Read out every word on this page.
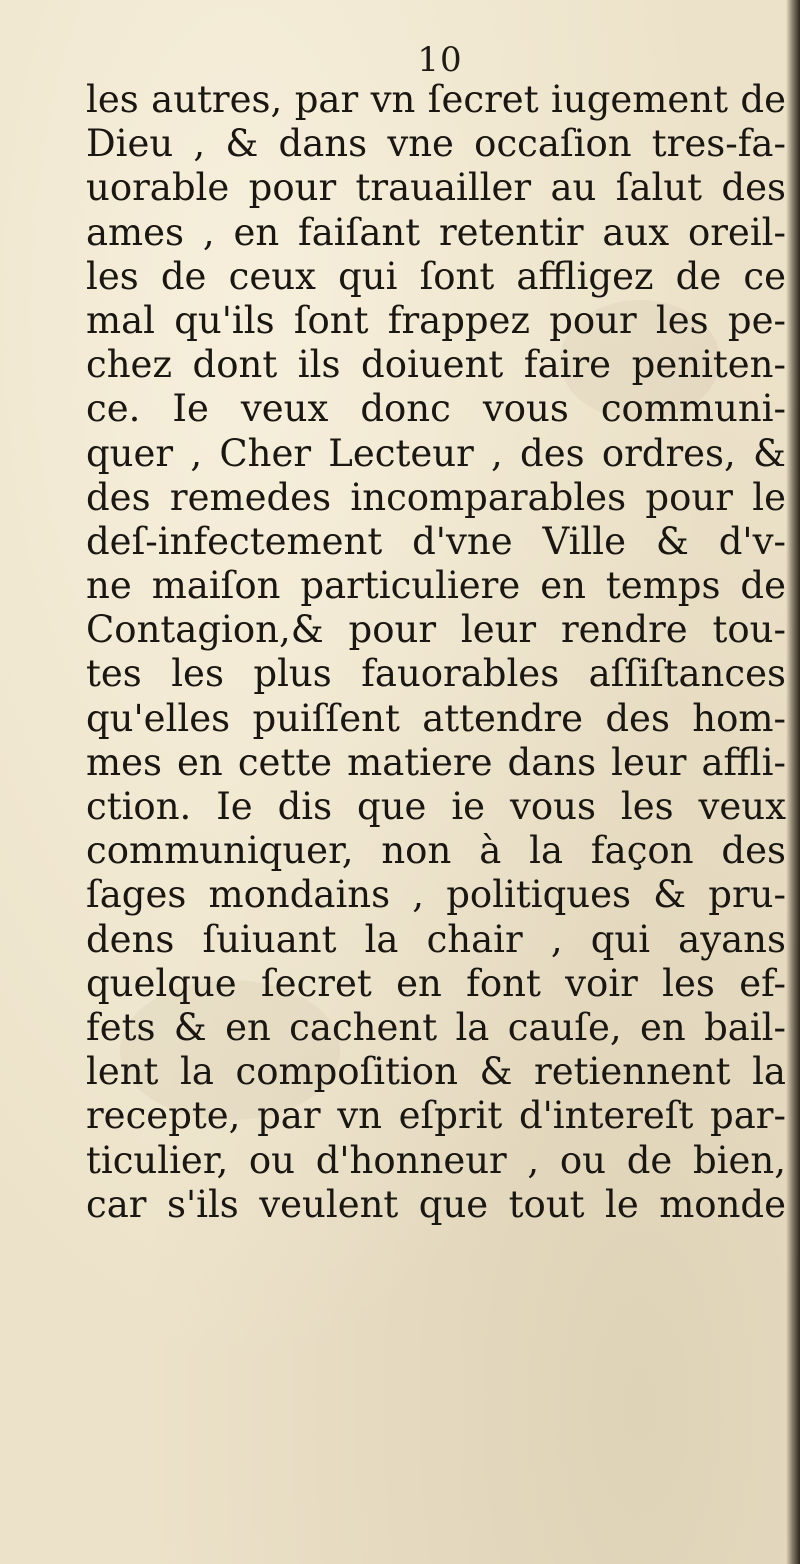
10
les autres, par vn ſecret iugement de
Dieu , & dans vne occaſion tres-fa-
uorable pour trauailler au ſalut des
ames , en faiſant retentir aux oreil-
les de ceux qui ſont affligez de ce
mal qu'ils ſont frappez pour les pe-
chez dont ils doiuent faire peniten-
ce. Ie veux donc vous communi-
quer , Cher Lecteur , des ordres, &
des remedes incomparables pour le
deſ-infectement d'vne Ville & d'v-
ne maiſon particuliere en temps de
Contagion,& pour leur rendre tou-
tes les plus fauorables aſſiſtances
qu'elles puiſſent attendre des hom-
mes en cette matiere dans leur affli-
ction. Ie dis que ie vous les veux
communiquer, non à la façon des
ſages mondains , politiques & pru-
dens ſuiuant la chair , qui ayans
quelque ſecret en font voir les ef-
fets & en cachent la cauſe, en bail-
lent la compoſition & retiennent la
recepte, par vn eſprit d'intereſt par-
ticulier, ou d'honneur , ou de bien,
car s'ils veulent que tout le monde
